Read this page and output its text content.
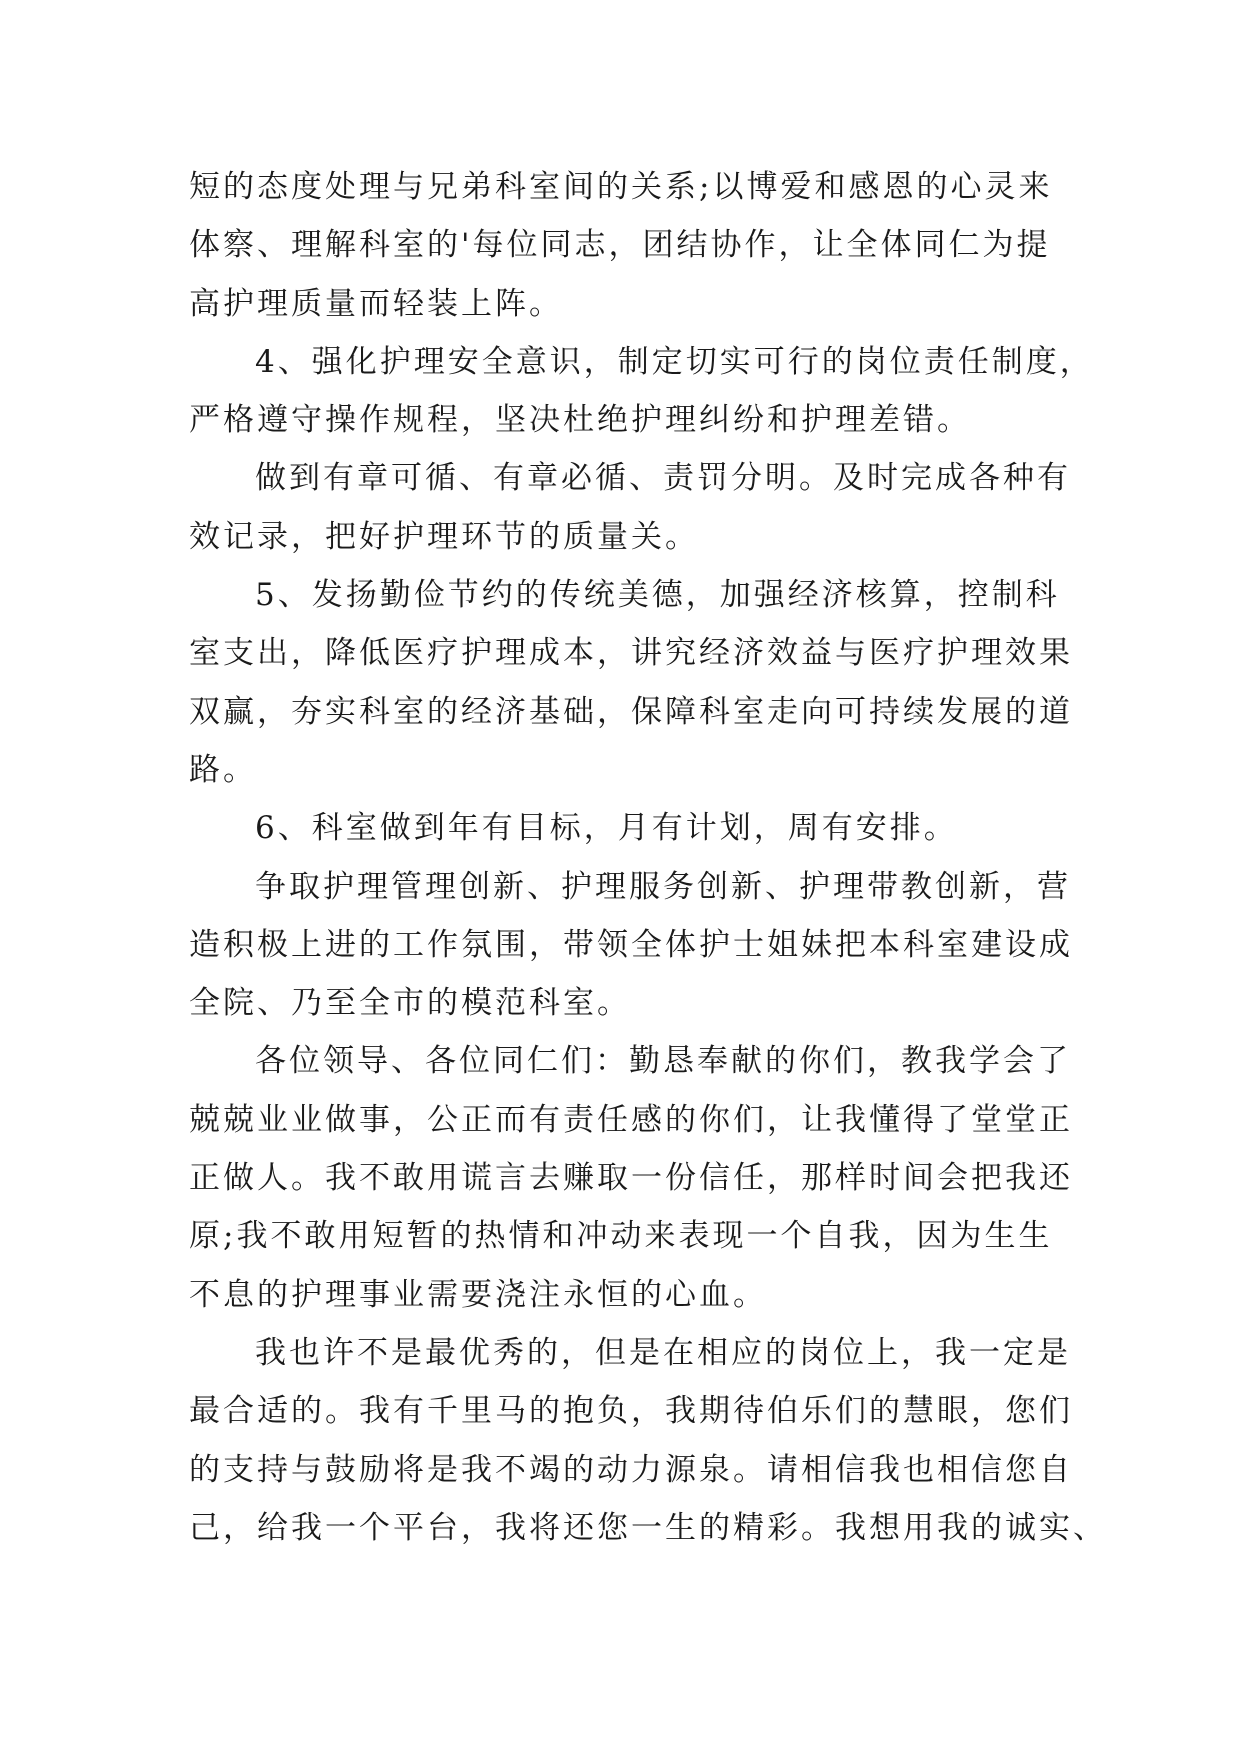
短的态度处理与兄弟科室间的关系;以博爱和感恩的心灵来
体察、理解科室的'每位同志，团结协作，让全体同仁为提
高护理质量而轻装上阵。
4、强化护理安全意识，制定切实可行的岗位责任制度，
严格遵守操作规程，坚决杜绝护理纠纷和护理差错。
做到有章可循、有章必循、责罚分明。及时完成各种有
效记录，把好护理环节的质量关。
5、发扬勤俭节约的传统美德，加强经济核算，控制科
室支出，降低医疗护理成本，讲究经济效益与医疗护理效果
双赢，夯实科室的经济基础，保障科室走向可持续发展的道
路。
6、科室做到年有目标，月有计划，周有安排。
争取护理管理创新、护理服务创新、护理带教创新，营
造积极上进的工作氛围，带领全体护士姐妹把本科室建设成
全院、乃至全市的模范科室。
各位领导、各位同仁们：勤恳奉献的你们，教我学会了
兢兢业业做事，公正而有责任感的你们，让我懂得了堂堂正
正做人。我不敢用谎言去赚取一份信任，那样时间会把我还
原;我不敢用短暂的热情和冲动来表现一个自我，因为生生
不息的护理事业需要浇注永恒的心血。
我也许不是最优秀的，但是在相应的岗位上，我一定是
最合适的。我有千里马的抱负，我期待伯乐们的慧眼，您们
的支持与鼓励将是我不竭的动力源泉。请相信我也相信您自
己，给我一个平台，我将还您一生的精彩。我想用我的诚实、
